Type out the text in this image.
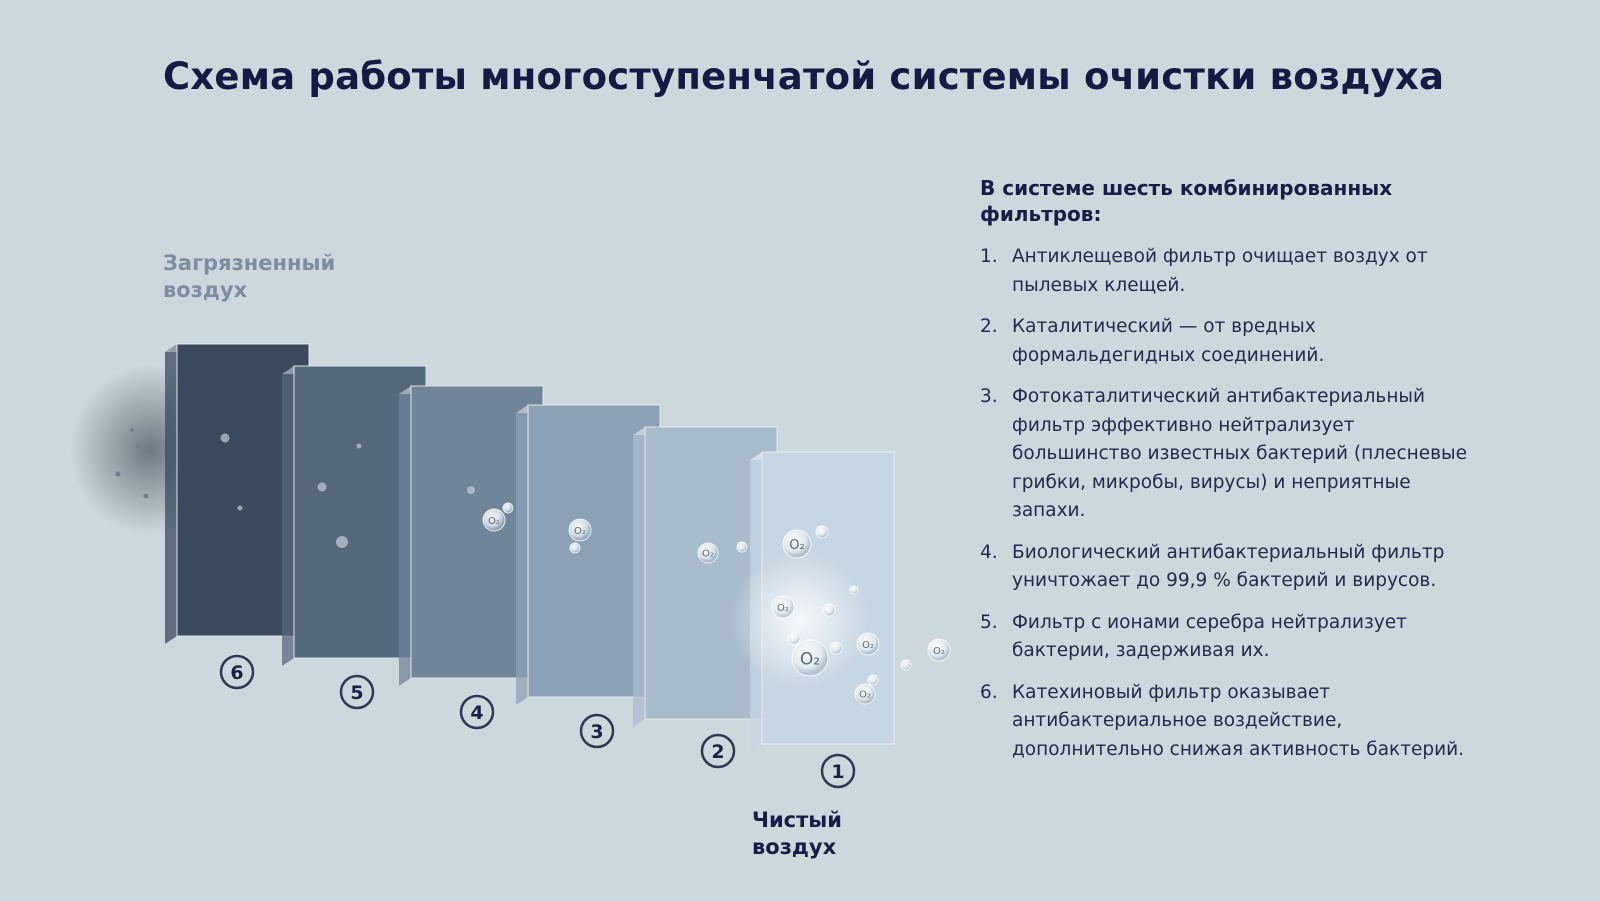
Схема работы многоступенчатой системы очистки воздуха
O₂
O₂
O₂
O₂
O₂
O₂
O₂
O₂
O₂
6
5
4
3
2
1
Загрязненный
воздух
Чистый
воздух
В системе шесть комбинированных фильтров:
1. Антиклещевой фильтр очищает воздух от пылевых клещей.
2. Каталитический — от вредных формальдегидных соединений.
3. Фотокаталитический антибактериальный фильтр эффективно нейтрализует большинство известных бактерий (плесневые грибки, микробы, вирусы) и неприятные запахи.
4. Биологический антибактериальный фильтр уничтожает до 99,9 % бактерий и вирусов.
5. Фильтр с ионами серебра нейтрализует бактерии, задерживая их.
6. Катехиновый фильтр оказывает антибактериальное воздействие, дополнительно снижая активность бактерий.
